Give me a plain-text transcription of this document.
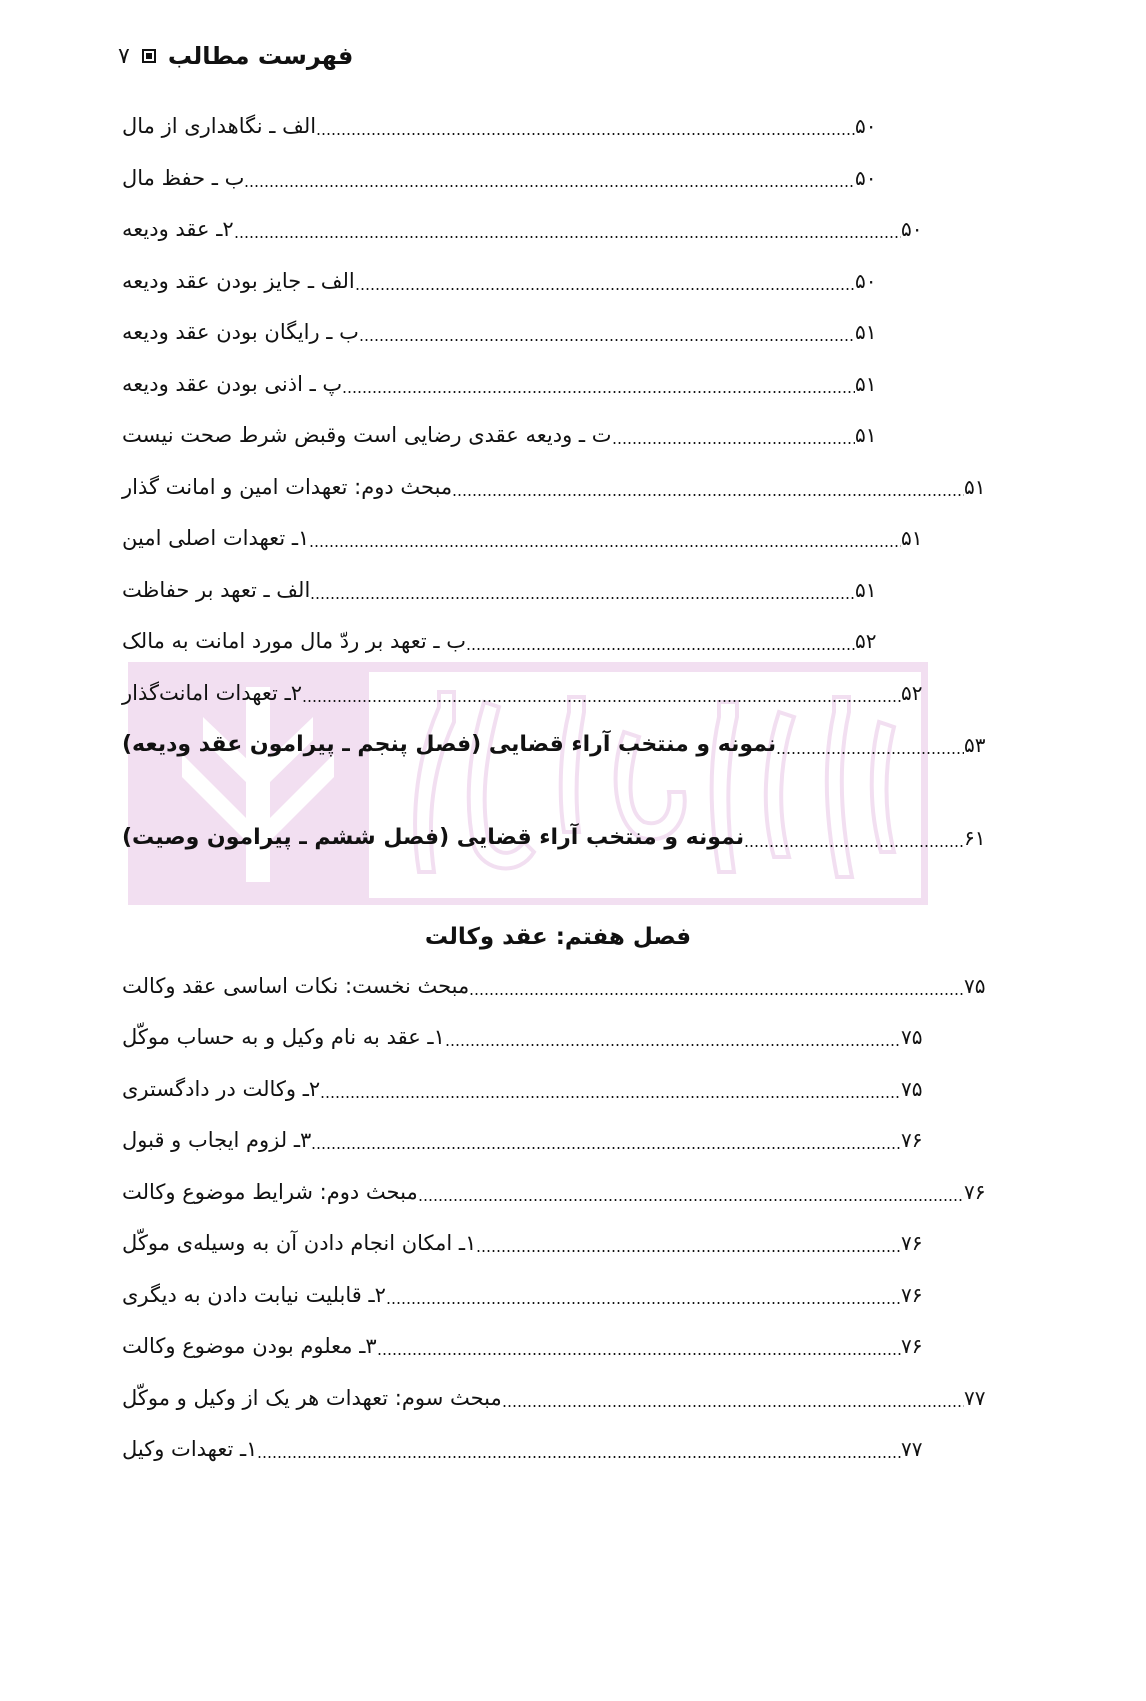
۷ فهرست مطالب
الف ـ نگاهداری از مال	۵۰
ب ـ حفظ مال	۵۰
۲ـ عقد ودیعه	۵۰
الف ـ جایز بودن عقد ودیعه	۵۰
ب ـ رایگان بودن عقد ودیعه	۵۱
پ ـ اذنی بودن عقد ودیعه	۵۱
ت ـ ودیعه عقدی رضایی است وقبض شرط صحت نیست	۵۱
مبحث دوم: تعهدات امین و امانت گذار	۵۱
۱ـ تعهدات اصلی امین	۵۱
الف ـ تعهد بر حفاظت	۵۱
ب ـ تعهد بر ردّ مال مورد امانت به مالک	۵۲
۲ـ تعهدات امانت‌گذار	۵۲
نمونه و منتخب آراء قضایی (فصل پنجم ـ پیرامون عقد ودیعه)	۵۳
نمونه و منتخب آراء قضایی (فصل ششم ـ پیرامون وصیت)	۶۱
فصل هفتم: عقد وکالت
مبحث نخست: نکات اساسی عقد وکالت	۷۵
۱ـ عقد به نام وکیل و به حساب موکّل	۷۵
۲ـ وکالت در دادگستری	۷۵
۳ـ لزوم ایجاب و قبول	۷۶
مبحث دوم: شرایط موضوع وکالت	۷۶
۱ـ امکان انجام دادن آن به وسیله‌ی موکّل	۷۶
۲ـ قابلیت نیابت دادن به دیگری	۷۶
۳ـ معلوم بودن موضوع وکالت	۷۶
مبحث سوم: تعهدات هر یک از وکیل و موکّل	۷۷
۱ـ تعهدات وکیل	۷۷
